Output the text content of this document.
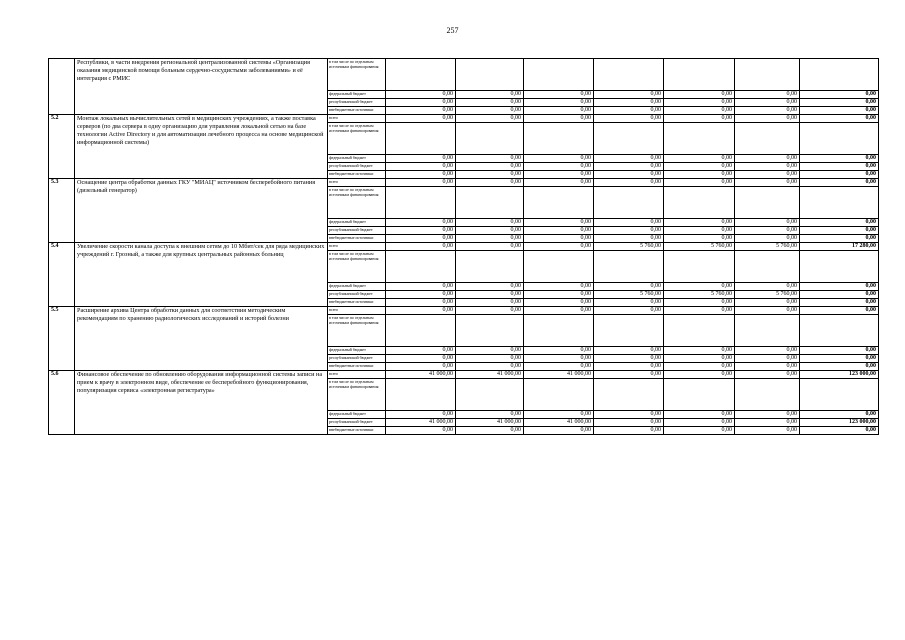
257
	Республики, в части внедрения региональной централизованной системы «Организация оказания медицинской помощи больным сердечно-сосудистыми заболеваниями» и её интеграция с РМИС	в том числе по отдельным источникам финансирования							
		федеральный бюджет	0,00	0,00	0,00	0,00	0,00	0,00	0,00
		республиканский бюджет	0,00	0,00	0,00	0,00	0,00	0,00	0,00
		внебюджетные источники	0,00	0,00	0,00	0,00	0,00	0,00	0,00
5.2	Монтаж локальных вычислительных сетей в медицинских учреждениях, а также поставка серверов (по два сервера в одну организацию для управления локальной сетью на базе технологии Active Directory и для автоматизации лечебного процесса на основе медицинской информационной системы)	всего	0,00	0,00	0,00	0,00	0,00	0,00	0,00
		в том числе по отдельным источникам финансирования							
		федеральный бюджет	0,00	0,00	0,00	0,00	0,00	0,00	0,00
		республиканский бюджет	0,00	0,00	0,00	0,00	0,00	0,00	0,00
		внебюджетные источники	0,00	0,00	0,00	0,00	0,00	0,00	0,00
5.3	Оснащение центра обработки данных ГКУ "МИАЦ" источником бесперебойного питания (дизельный генератор)	всего	0,00	0,00	0,00	0,00	0,00	0,00	0,00
		в том числе по отдельным источникам финансирования							
		федеральный бюджет	0,00	0,00	0,00	0,00	0,00	0,00	0,00
		республиканский бюджет	0,00	0,00	0,00	0,00	0,00	0,00	0,00
		внебюджетные источники	0,00	0,00	0,00	0,00	0,00	0,00	0,00
5.4	Увеличение скорости канала доступа к внешним сетям до 10 Мбит/сек для ряда медицинских учреждений г. Грозный, а также для крупных центральных районных больниц	всего	0,00	0,00	0,00	5 760,00	5 760,00	5 760,00	17 280,00
		в том числе по отдельным источникам финансирования							
		федеральный бюджет	0,00	0,00	0,00	0,00	0,00	0,00	0,00
		республиканский бюджет	0,00	0,00	0,00	5 760,00	5 760,00	5 760,00	0,00
		внебюджетные источники	0,00	0,00	0,00	0,00	0,00	0,00	0,00
5.5	Расширение архива Центра обработки данных для соответствия методическим рекомендациям по хранению радиологических исследований и историй болезни	всего	0,00	0,00	0,00	0,00	0,00	0,00	0,00
		в том числе по отдельным источникам финансирования							
		федеральный бюджет	0,00	0,00	0,00	0,00	0,00	0,00	0,00
		республиканский бюджет	0,00	0,00	0,00	0,00	0,00	0,00	0,00
		внебюджетные источники	0,00	0,00	0,00	0,00	0,00	0,00	0,00
5.6	Финансовое обеспечение по обновлению оборудования информационной системы записи на прием к врачу в электронном виде, обеспечение ее бесперебойного функционирования, популяризация сервиса «электронная регистратура»	всего	41 000,00	41 000,00	41 000,00	0,00	0,00	0,00	123 000,00
		в том числе по отдельным источникам финансирования							
		федеральный бюджет	0,00	0,00	0,00	0,00	0,00	0,00	0,00
		республиканский бюджет	41 000,00	41 000,00	41 000,00	0,00	0,00	0,00	123 000,00
		внебюджетные источники	0,00	0,00	0,00	0,00	0,00	0,00	0,00
